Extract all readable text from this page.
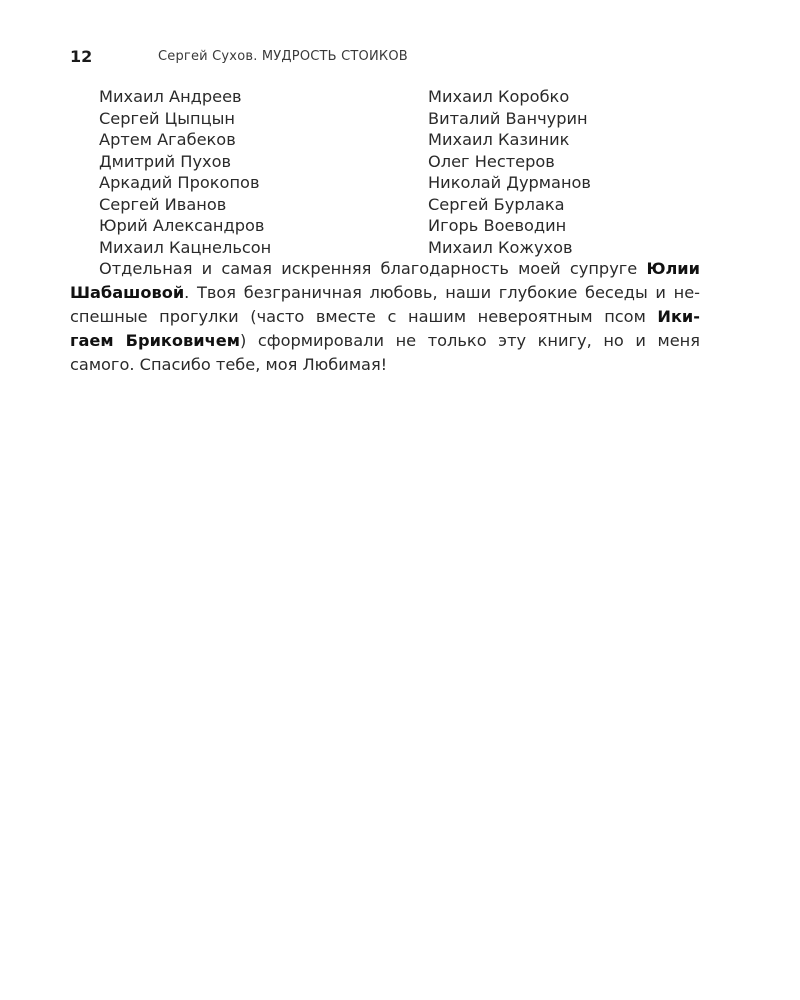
12	Сергей Сухов. МУДРОСТЬ СТОИКОВ
Михаил Андреев
Сергей Цыпцын
Артем Агабеков
Дмитрий Пухов
Аркадий Прокопов
Сергей Иванов
Юрий Александров
Михаил Кацнельсон
Михаил Коробко
Виталий Ванчурин
Михаил Казиник
Олег Нестеров
Николай Дурманов
Сергей Бурлака
Игорь Воеводин
Михаил Кожухов
Отдельная и самая искренняя благодарность моей супруге Юлии
Шабашовой. Твоя безграничная любовь, наши глубокие беседы и не-
спешные прогулки (часто вместе с нашим невероятным псом Ики-
гаем Бриковичем) сформировали не только эту книгу, но и меня
самого. Спасибо тебе, моя Любимая!
